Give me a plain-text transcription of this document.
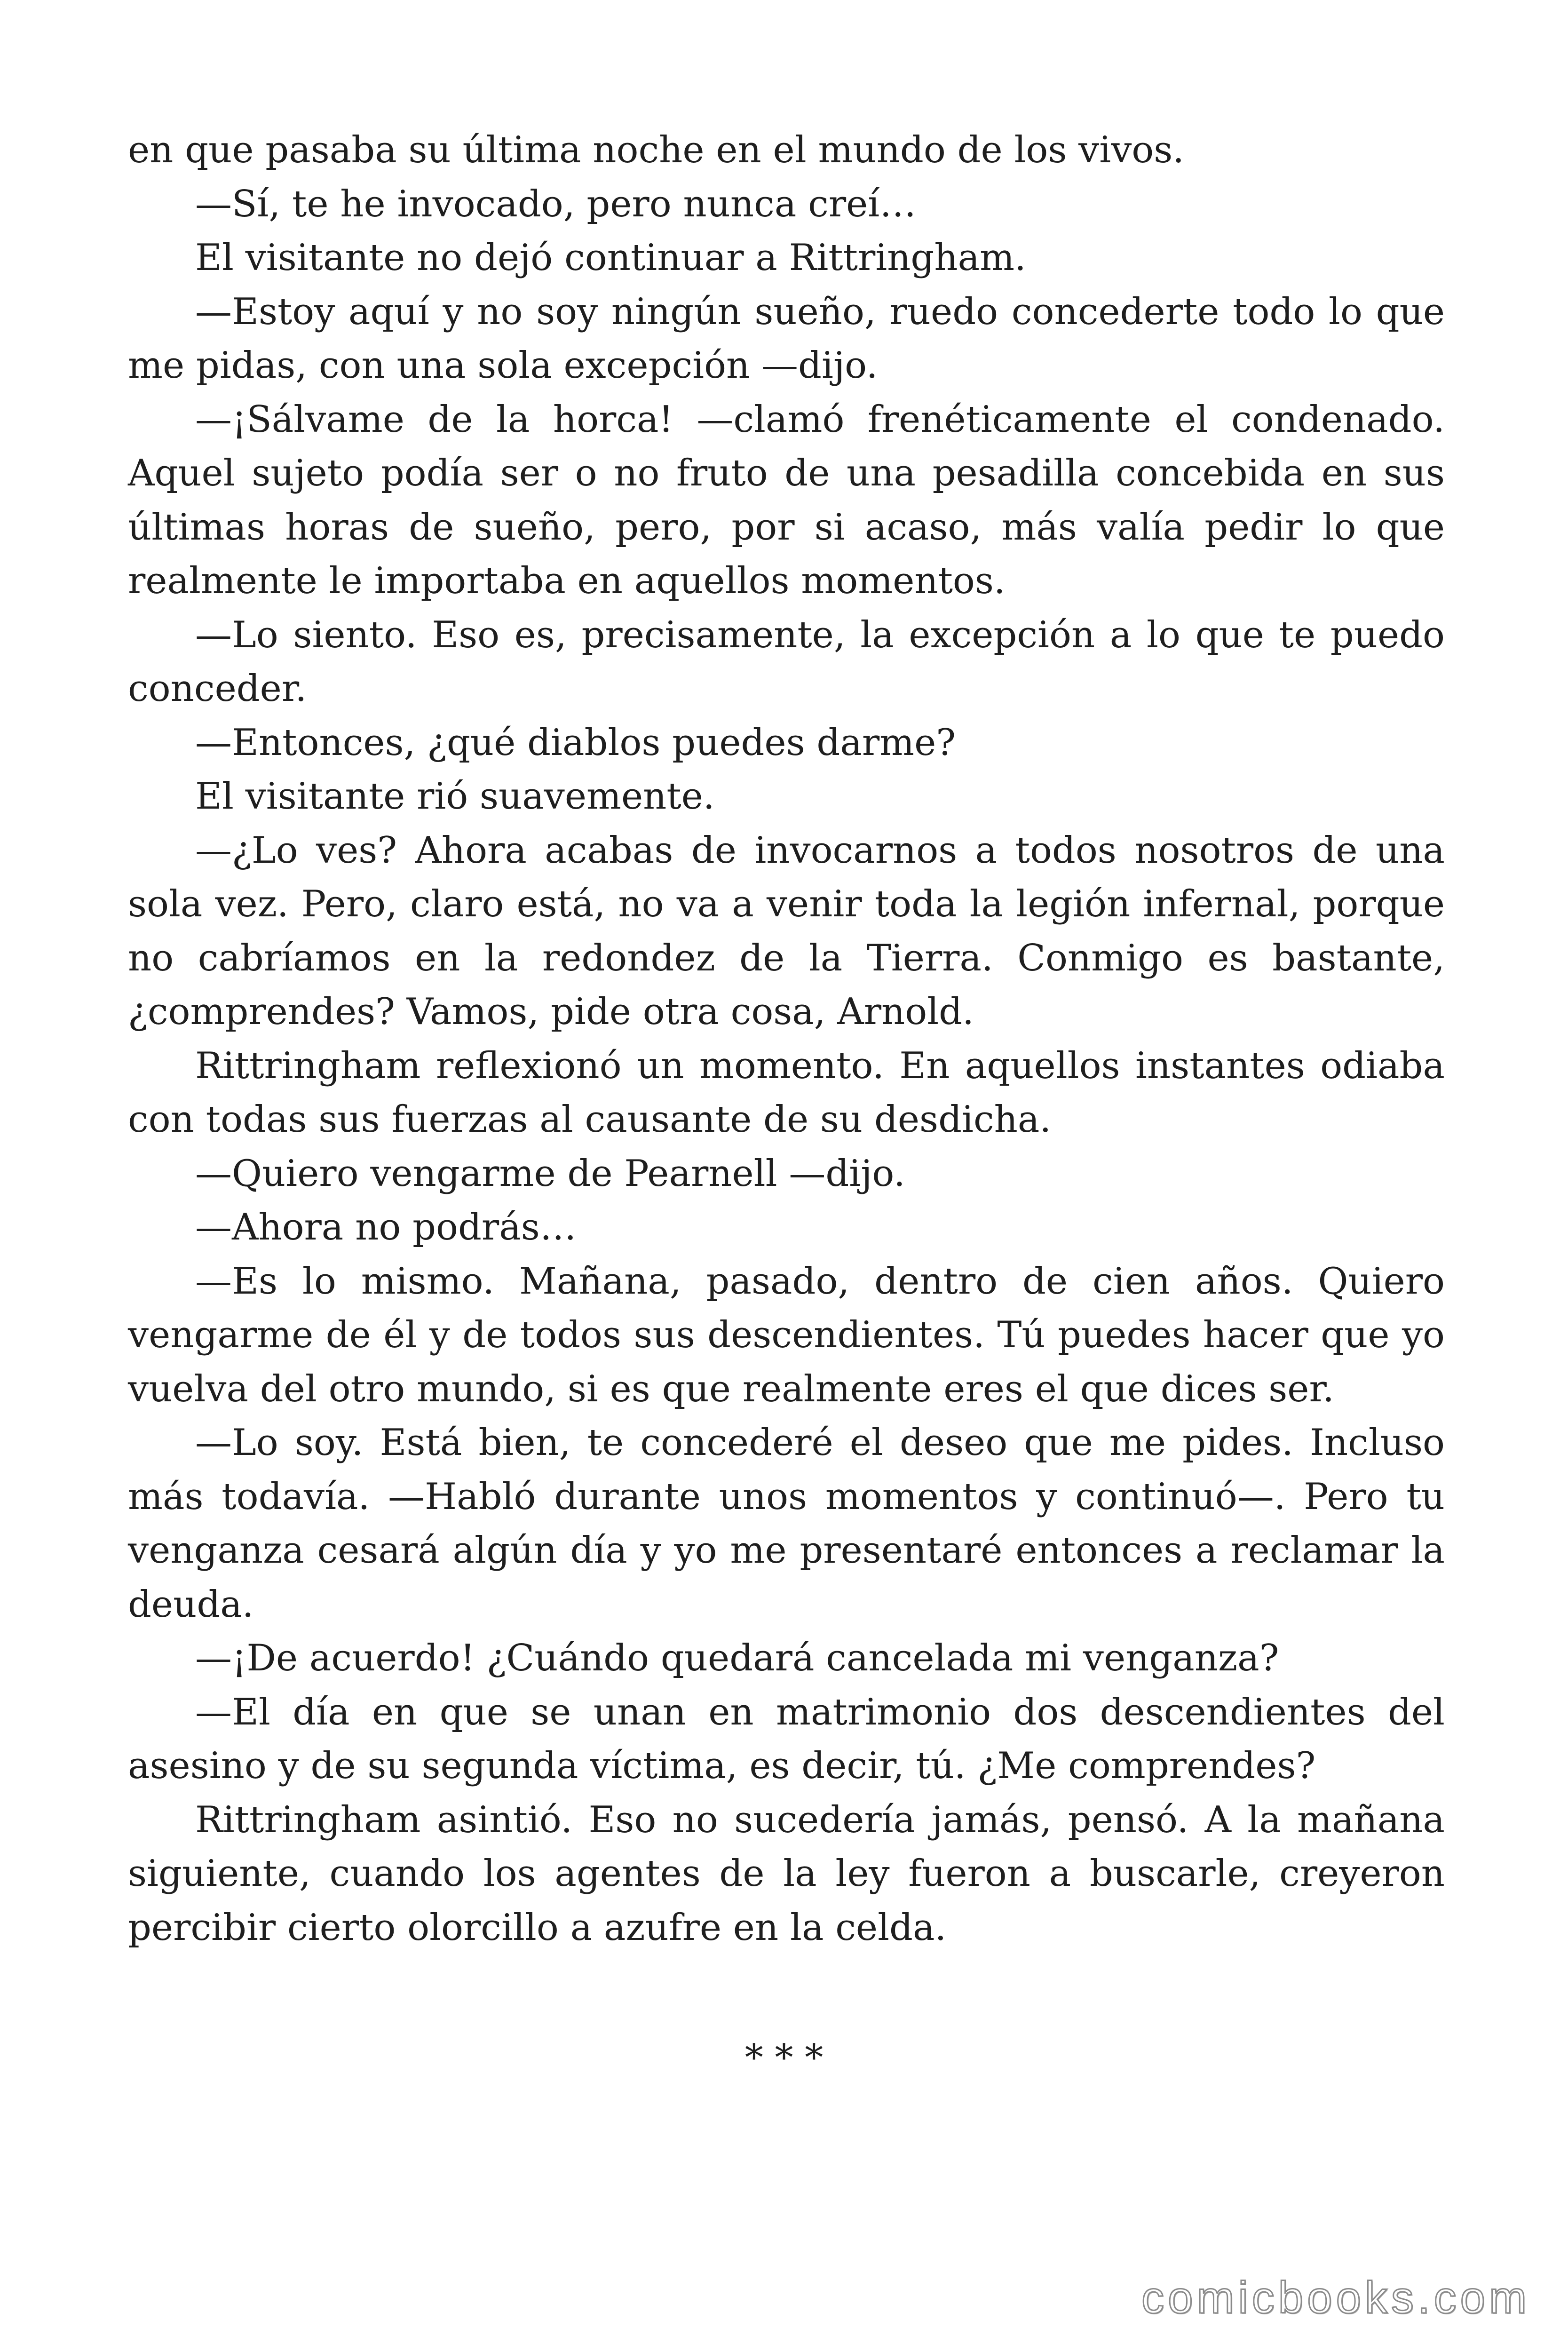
en que pasaba su última noche en el mundo de los vivos.

—Sí, te he invocado, pero nunca creí…

El visitante no dejó continuar a Rittringham.

—Estoy aquí y no soy ningún sueño, ruedo concederte todo lo que me pidas, con una sola excepción —dijo.

—¡Sálvame de la horca! —clamó frenéticamente el condenado. Aquel sujeto podía ser o no fruto de una pesadilla concebida en sus últimas horas de sueño, pero, por si acaso, más valía pedir lo que realmente le importaba en aquellos momentos.

—Lo siento. Eso es, precisamente, la excepción a lo que te puedo conceder.

—Entonces, ¿qué diablos puedes darme?

El visitante rió suavemente.

—¿Lo ves? Ahora acabas de invocarnos a todos nosotros de una sola vez. Pero, claro está, no va a venir toda la legión infernal, porque no cabríamos en la redondez de la Tierra. Conmigo es bastante, ¿comprendes? Vamos, pide otra cosa, Arnold.

Rittringham reflexionó un momento. En aquellos instantes odiaba con todas sus fuerzas al causante de su desdicha.

—Quiero vengarme de Pearnell —dijo.

—Ahora no podrás…

—Es lo mismo. Mañana, pasado, dentro de cien años. Quiero vengarme de él y de todos sus descendientes. Tú puedes hacer que yo vuelva del otro mundo, si es que realmente eres el que dices ser.

—Lo soy. Está bien, te concederé el deseo que me pides. Incluso más todavía. —Habló durante unos momentos y continuó—. Pero tu venganza cesará algún día y yo me presentaré entonces a reclamar la deuda.

—¡De acuerdo! ¿Cuándo quedará cancelada mi venganza?

—El día en que se unan en matrimonio dos descendientes del asesino y de su segunda víctima, es decir, tú. ¿Me comprendes?

Rittringham asintió. Eso no sucedería jamás, pensó. A la mañana siguiente, cuando los agentes de la ley fueron a buscarle, creyeron percibir cierto olorcillo a azufre en la celda.

* * *
comicbooks.com
